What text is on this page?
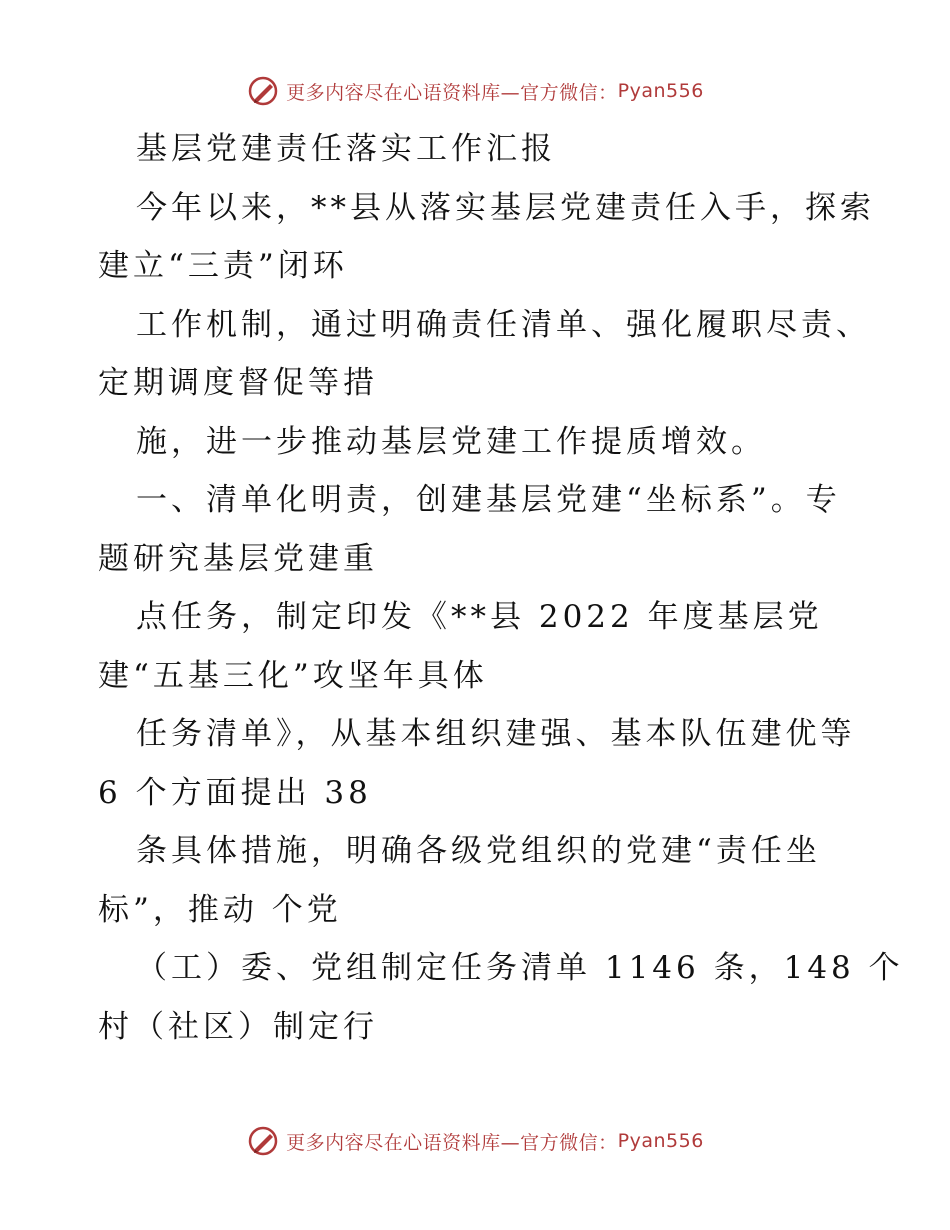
更多内容尽在心语资料库—官方微信： Pyan556
基层党建责任落实工作汇报
今年以来，**县从落实基层党建责任入手，探索
建立“三责”闭环
工作机制，通过明确责任清单、强化履职尽责、
定期调度督促等措
施，进一步推动基层党建工作提质增效。
一、清单化明责，创建基层党建“坐标系”。专
题研究基层党建重
点任务，制定印发《**县 2022 年度基层党
建“五基三化”攻坚年具体
任务清单》，从基本组织建强、基本队伍建优等
6 个方面提出 38
条具体措施，明确各级党组织的党建“责任坐
标”，推动 个党
（工）委、党组制定任务清单 1146 条，148 个
村（社区）制定行
更多内容尽在心语资料库—官方微信： Pyan556
